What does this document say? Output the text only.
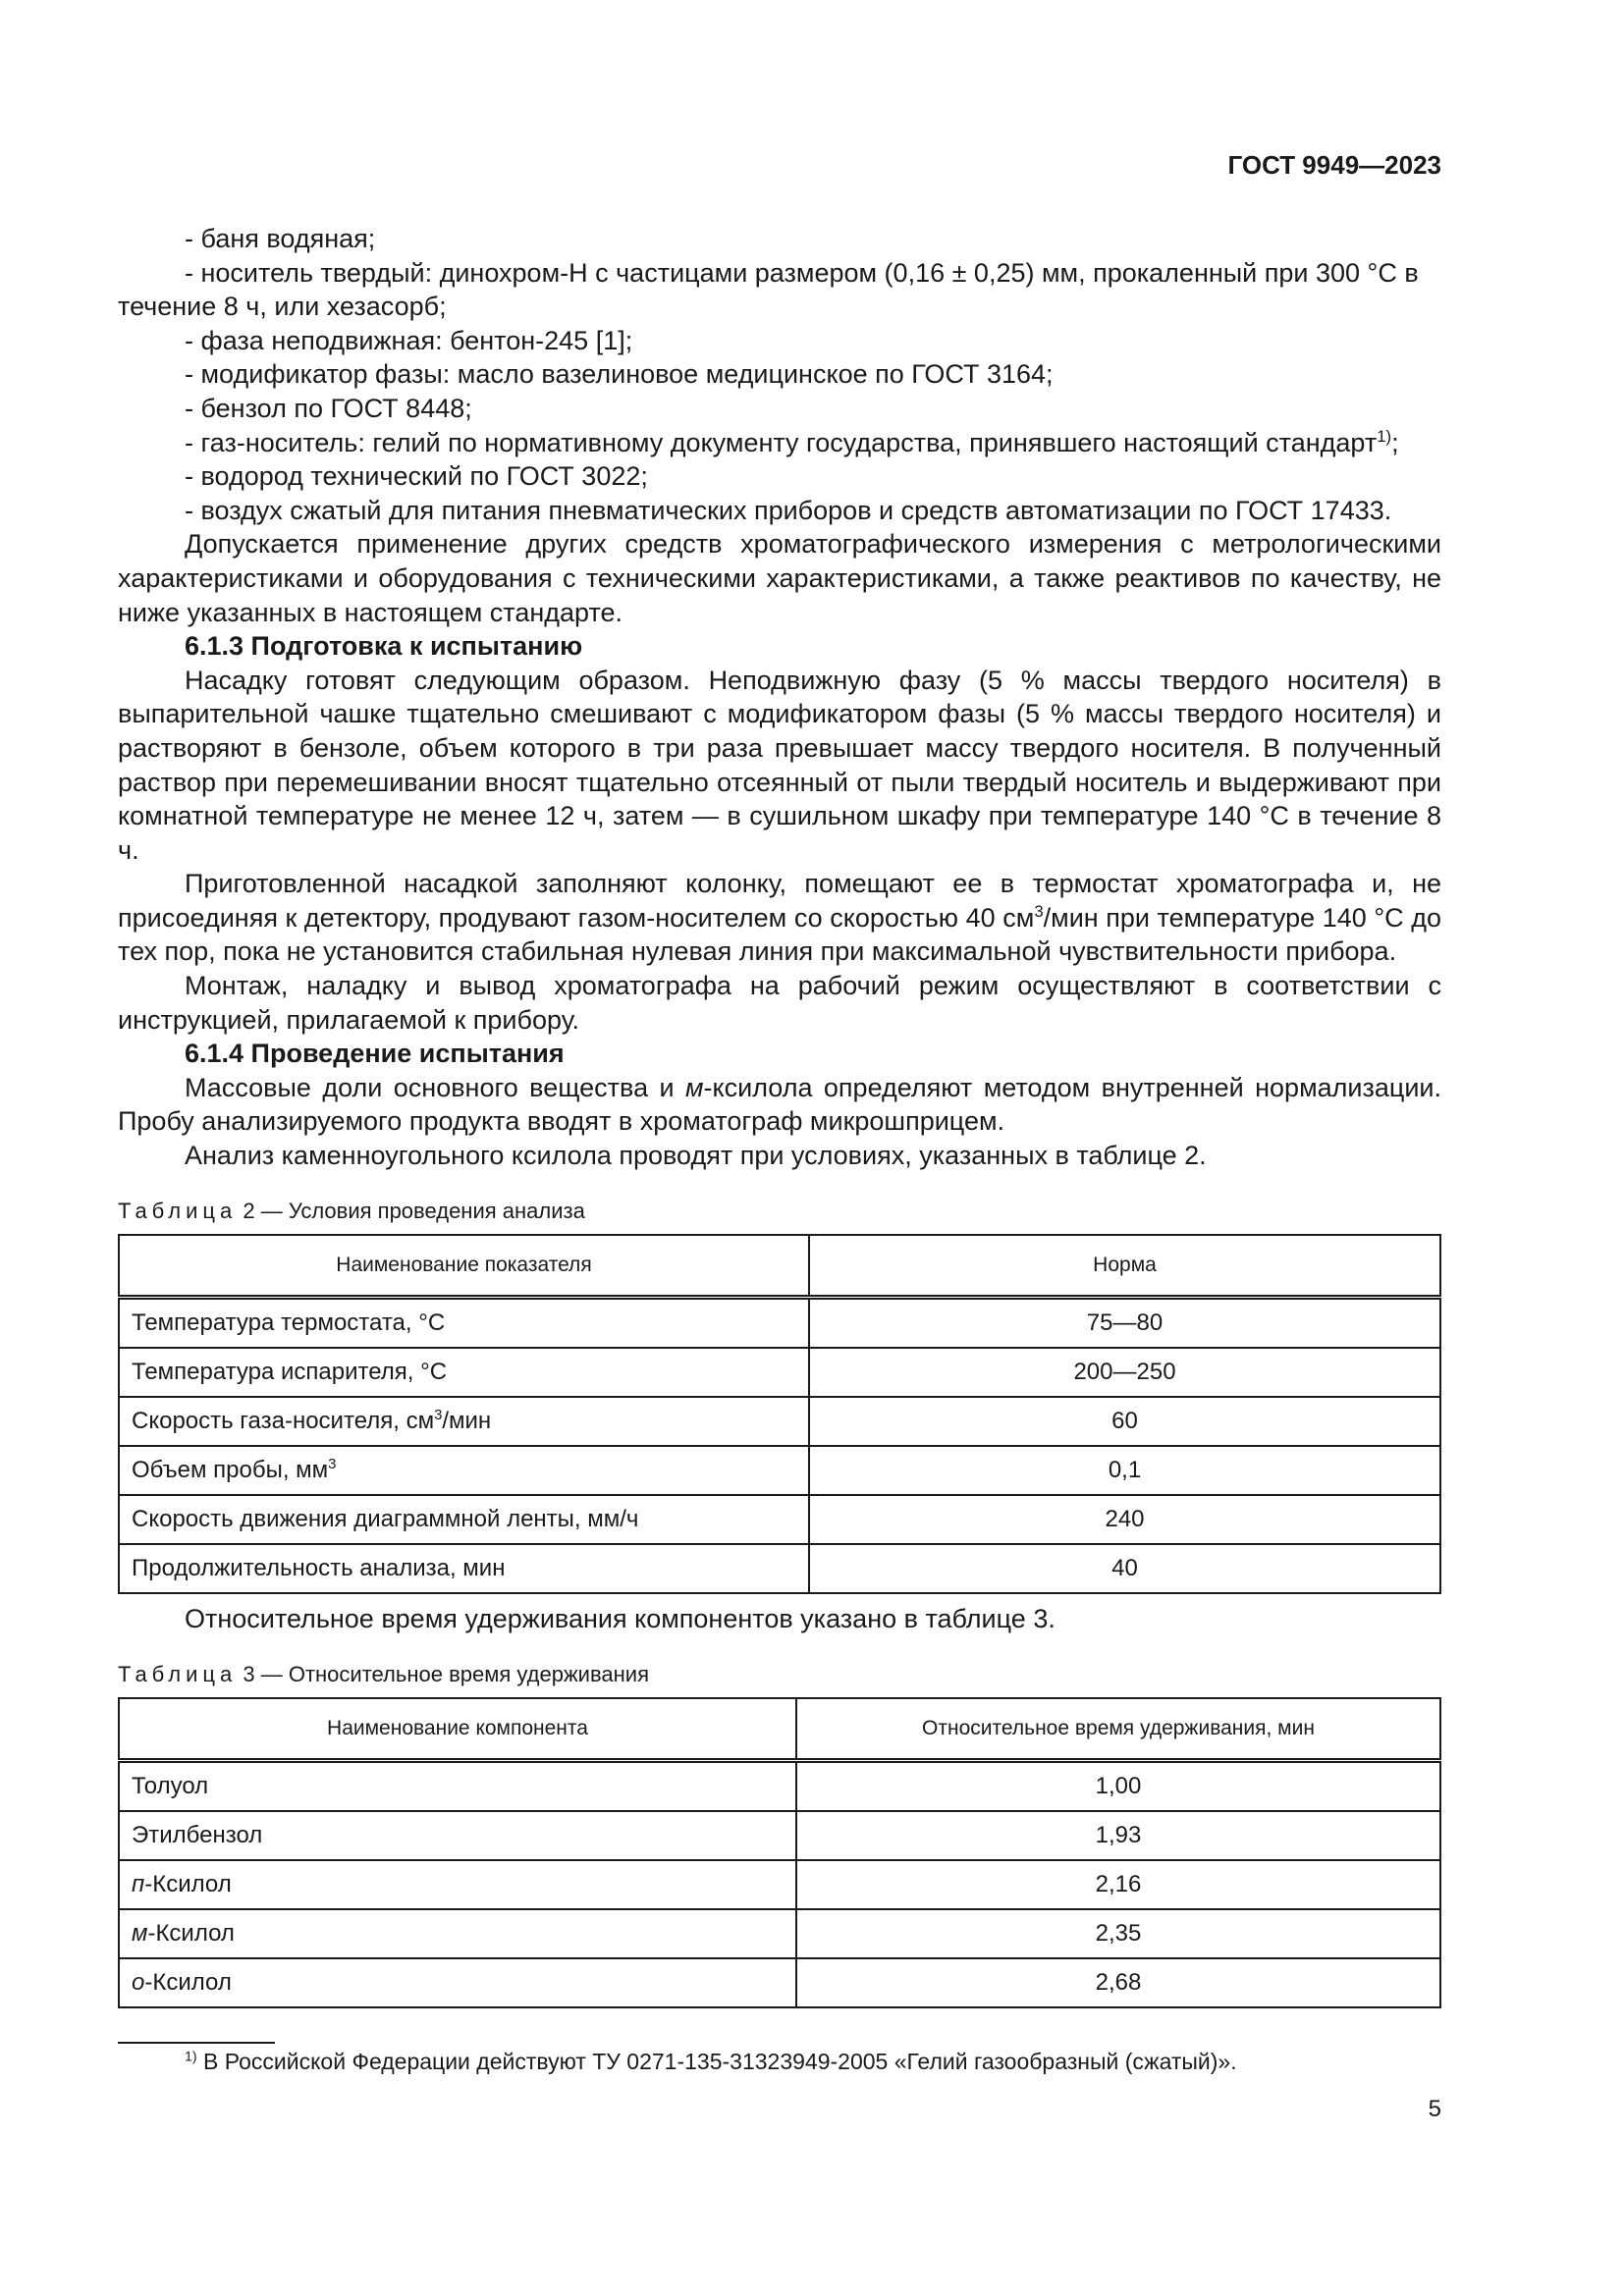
ГОСТ 9949—2023
- баня водяная;
- носитель твердый: динохром-Н с частицами размером (0,16 ± 0,25) мм, прокаленный при 300 °C в течение 8 ч, или хезасорб;
- фаза неподвижная: бентон-245 [1];
- модификатор фазы: масло вазелиновое медицинское по ГОСТ 3164;
- бензол по ГОСТ 8448;
- газ-носитель: гелий по нормативному документу государства, принявшего настоящий стандарт$^{1)}$;
- водород технический по ГОСТ 3022;
- воздух сжатый для питания пневматических приборов и средств автоматизации по ГОСТ 17433.

Допускается применение других средств хроматографического измерения с метрологическими характеристиками и оборудования с техническими характеристиками, а также реактивов по качеству, не ниже указанных в настоящем стандарте.

6.1.3 Подготовка к испытанию

Насадку готовят следующим образом. Неподвижную фазу (5 % массы твердого носителя) в выпарительной чашке тщательно смешивают с модификатором фазы (5 % массы твердого носителя) и растворяют в бензоле, объем которого в три раза превышает массу твердого носителя. В полученный раствор при перемешивании вносят тщательно отсеянный от пыли твердый носитель и выдерживают при комнатной температуре не менее 12 ч, затем — в сушильном шкафу при температуре 140 °C в течение 8 ч.

Приготовленной насадкой заполняют колонку, помещают ее в термостат хроматографа и, не присоединяя к детектору, продувают газом-носителем со скоростью 40 $см^3$/мин при температуре 140 °C до тех пор, пока не установится стабильная нулевая линия при максимальной чувствительности прибора.

Монтаж, наладку и вывод хроматографа на рабочий режим осуществляют в соответствии с инструкцией, прилагаемой к прибору.

6.1.4 Проведение испытания

Массовые доли основного вещества и м-ксилола определяют методом внутренней нормализации. Пробу анализируемого продукта вводят в хроматограф микрошприцем.

Анализ каменноугольного ксилола проводят при условиях, указанных в таблице 2.

Таблица 2 — Условия проведения анализа

Наименование показателя	Норма
Температура термостата, °C	75—80
Температура испарителя, °C	200—250
Скорость газа-носителя, $см^3$/мин	60
Объем пробы, $мм^3$	0,1
Скорость движения диаграммной ленты, мм/ч	240
Продолжительность анализа, мин	40

Относительное время удерживания компонентов указано в таблице 3.

Таблица 3 — Относительное время удерживания

Наименование компонента	Относительное время удерживания, мин
Толуол	1,00
Этилбензол	1,93
п-Ксилол	2,16
м-Ксилол	2,35
о-Ксилол	2,68
$^{1)}$ В Российской Федерации действуют ТУ 0271-135-31323949-2005 «Гелий газообразный (сжатый)».
5
